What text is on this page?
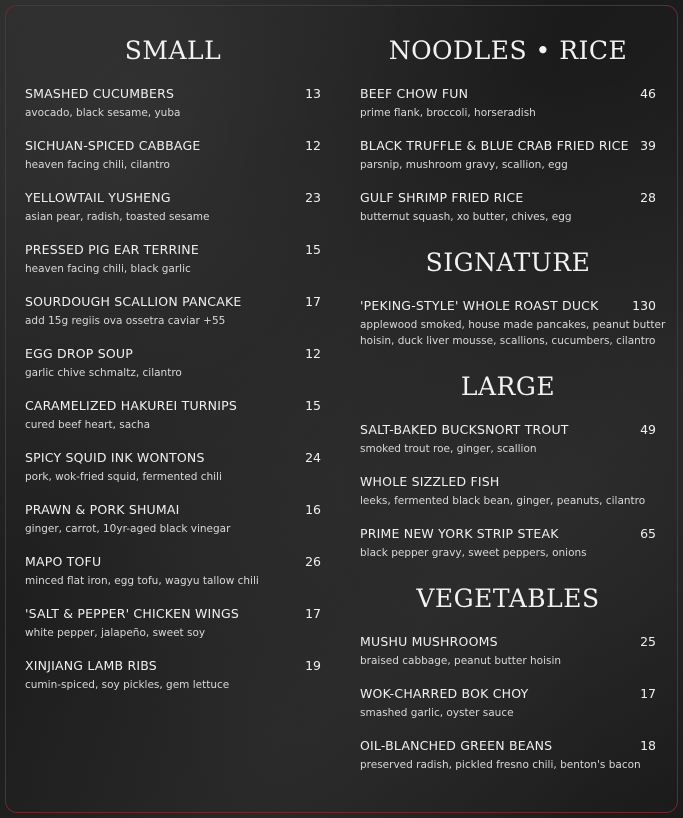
SMALL
SMASHED CUCUMBERS	13
avocado, black sesame, yuba
SICHUAN-SPICED CABBAGE	12
heaven facing chili, cilantro
YELLOWTAIL YUSHENG	23
asian pear, radish, toasted sesame
PRESSED PIG EAR TERRINE	15
heaven facing chili, black garlic
SOURDOUGH SCALLION PANCAKE	17
add 15g regiis ova ossetra caviar +55
EGG DROP SOUP	12
garlic chive schmaltz, cilantro
CARAMELIZED HAKUREI TURNIPS	15
cured beef heart, sacha
SPICY SQUID INK WONTONS	24
pork, wok-fried squid, fermented chili
PRAWN & PORK SHUMAI	16
ginger, carrot, 10yr-aged black vinegar
MAPO TOFU	26
minced flat iron, egg tofu, wagyu tallow chili
'SALT & PEPPER' CHICKEN WINGS	17
white pepper, jalapeño, sweet soy
XINJIANG LAMB RIBS	19
cumin-spiced, soy pickles, gem lettuce
NOODLES • RICE
BEEF CHOW FUN	46
prime flank, broccoli, horseradish
BLACK TRUFFLE & BLUE CRAB FRIED RICE 39
parsnip, mushroom gravy, scallion, egg
GULF SHRIMP FRIED RICE	28
butternut squash, xo butter, chives, egg
SIGNATURE
'PEKING-STYLE' WHOLE ROAST DUCK	130
applewood smoked, house made pancakes, peanut butter
hoisin, duck liver mousse, scallions, cucumbers, cilantro
LARGE
SALT-BAKED BUCKSNORT TROUT	49
smoked trout roe, ginger, scallion
WHOLE SIZZLED FISH
leeks, fermented black bean, ginger, peanuts, cilantro
PRIME NEW YORK STRIP STEAK	65
black pepper gravy, sweet peppers, onions
VEGETABLES
MUSHU MUSHROOMS	25
braised cabbage, peanut butter hoisin
WOK-CHARRED BOK CHOY	17
smashed garlic, oyster sauce
OIL-BLANCHED GREEN BEANS	18
preserved radish, pickled fresno chili, benton's bacon
